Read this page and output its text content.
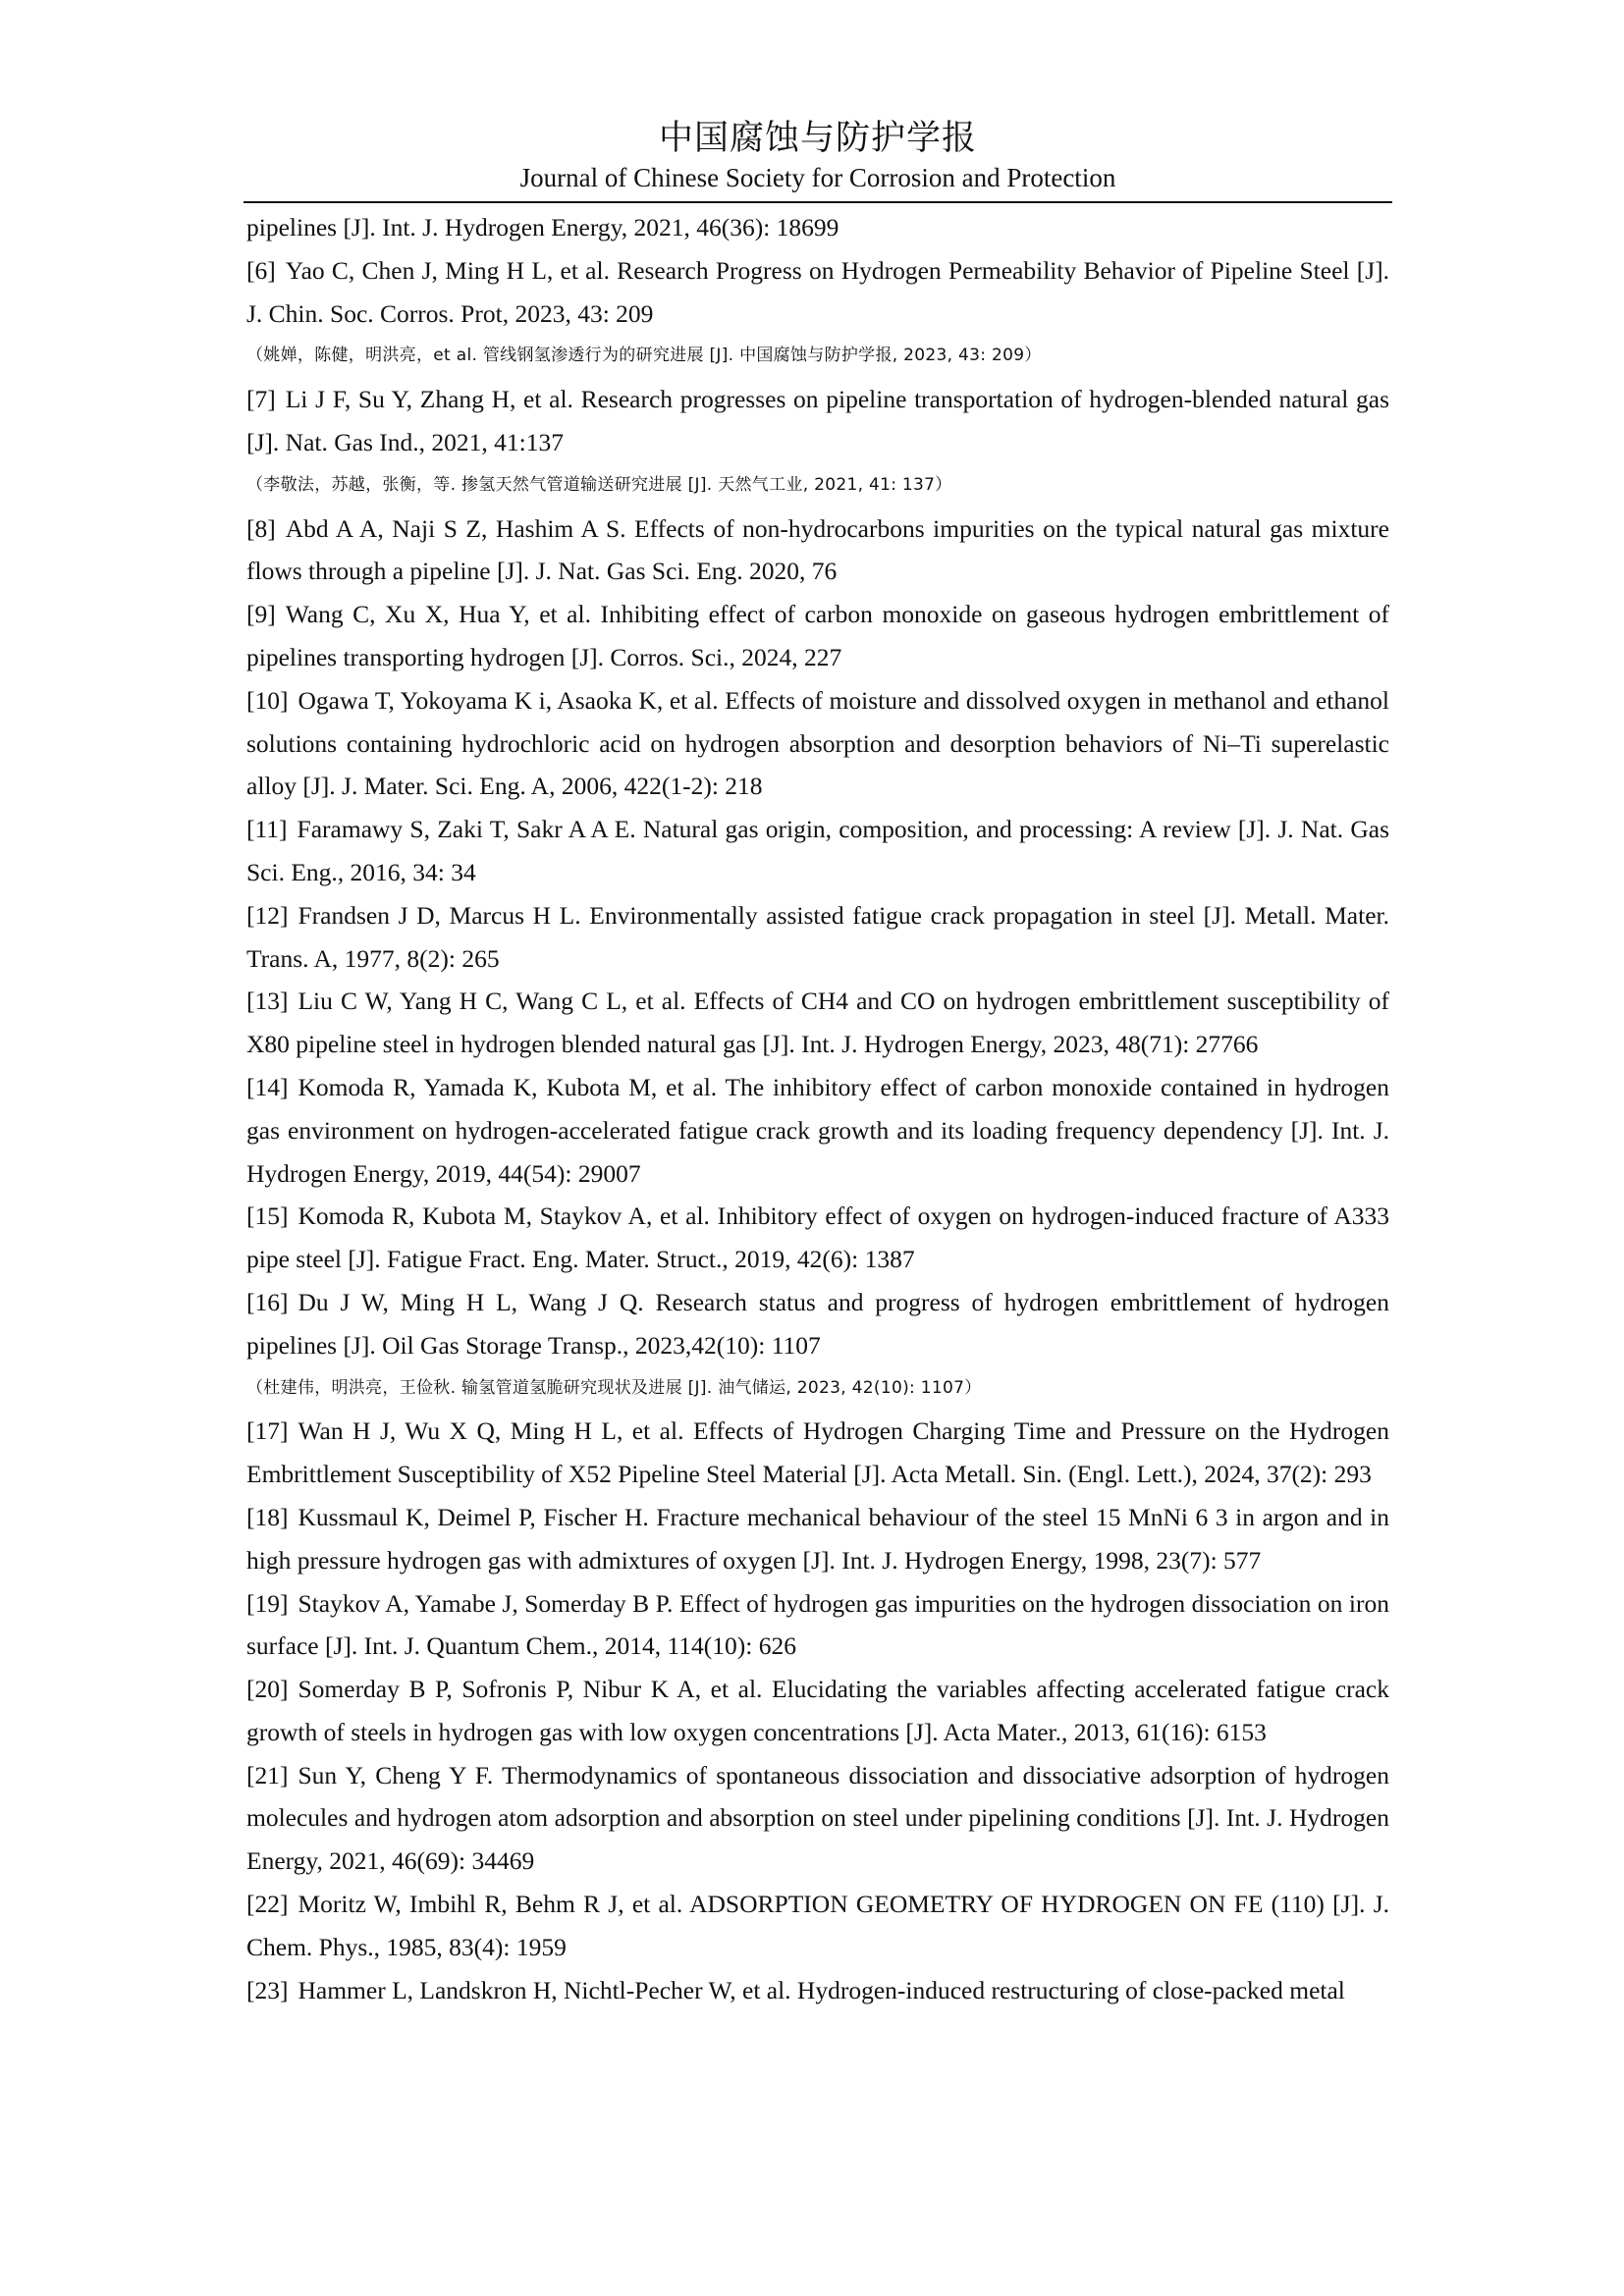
中国腐蚀与防护学报
Journal of Chinese Society for Corrosion and Protection

pipelines [J]. Int. J. Hydrogen Energy, 2021, 46(36): 18699

[6] Yao C, Chen J, Ming H L, et al. Research Progress on Hydrogen Permeability Behavior of Pipeline Steel [J]. J. Chin. Soc. Corros. Prot, 2023, 43: 209

（姚婵，陈健，明洪亮，et al. 管线钢氢渗透行为的研究进展 [J]. 中国腐蚀与防护学报, 2023, 43: 209）

[7] Li J F, Su Y, Zhang H, et al. Research progresses on pipeline transportation of hydrogen-blended natural gas [J]. Nat. Gas Ind., 2021, 41:137

（李敬法，苏越，张衡，等. 掺氢天然气管道输送研究进展 [J]. 天然气工业, 2021, 41: 137）

[8] Abd A A, Naji S Z, Hashim A S. Effects of non-hydrocarbons impurities on the typical natural gas mixture flows through a pipeline [J]. J. Nat. Gas Sci. Eng. 2020, 76

[9] Wang C, Xu X, Hua Y, et al. Inhibiting effect of carbon monoxide on gaseous hydrogen embrittlement of pipelines transporting hydrogen [J]. Corros. Sci., 2024, 227

[10] Ogawa T, Yokoyama K i, Asaoka K, et al. Effects of moisture and dissolved oxygen in methanol and ethanol solutions containing hydrochloric acid on hydrogen absorption and desorption behaviors of Ni–Ti superelastic alloy [J]. J. Mater. Sci. Eng. A, 2006, 422(1-2): 218

[11] Faramawy S, Zaki T, Sakr A A E. Natural gas origin, composition, and processing: A review [J]. J. Nat. Gas Sci. Eng., 2016, 34: 34

[12] Frandsen J D, Marcus H L. Environmentally assisted fatigue crack propagation in steel [J]. Metall. Mater. Trans. A, 1977, 8(2): 265

[13] Liu C W, Yang H C, Wang C L, et al. Effects of CH4 and CO on hydrogen embrittlement susceptibility of X80 pipeline steel in hydrogen blended natural gas [J]. Int. J. Hydrogen Energy, 2023, 48(71): 27766

[14] Komoda R, Yamada K, Kubota M, et al. The inhibitory effect of carbon monoxide contained in hydrogen gas environment on hydrogen-accelerated fatigue crack growth and its loading frequency dependency [J]. Int. J. Hydrogen Energy, 2019, 44(54): 29007

[15] Komoda R, Kubota M, Staykov A, et al. Inhibitory effect of oxygen on hydrogen-induced fracture of A333 pipe steel [J]. Fatigue Fract. Eng. Mater. Struct., 2019, 42(6): 1387

[16] Du J W, Ming H L, Wang J Q. Research status and progress of hydrogen embrittlement of hydrogen pipelines [J]. Oil Gas Storage Transp., 2023,42(10): 1107

（杜建伟，明洪亮，王俭秋. 输氢管道氢脆研究现状及进展 [J]. 油气储运, 2023, 42(10): 1107）

[17] Wan H J, Wu X Q, Ming H L, et al. Effects of Hydrogen Charging Time and Pressure on the Hydrogen Embrittlement Susceptibility of X52 Pipeline Steel Material [J]. Acta Metall. Sin. (Engl. Lett.), 2024, 37(2): 293

[18] Kussmaul K, Deimel P, Fischer H. Fracture mechanical behaviour of the steel 15 MnNi 6 3 in argon and in high pressure hydrogen gas with admixtures of oxygen [J]. Int. J. Hydrogen Energy, 1998, 23(7): 577

[19] Staykov A, Yamabe J, Somerday B P. Effect of hydrogen gas impurities on the hydrogen dissociation on iron surface [J]. Int. J. Quantum Chem., 2014, 114(10): 626

[20] Somerday B P, Sofronis P, Nibur K A, et al. Elucidating the variables affecting accelerated fatigue crack growth of steels in hydrogen gas with low oxygen concentrations [J]. Acta Mater., 2013, 61(16): 6153

[21] Sun Y, Cheng Y F. Thermodynamics of spontaneous dissociation and dissociative adsorption of hydrogen molecules and hydrogen atom adsorption and absorption on steel under pipelining conditions [J]. Int. J. Hydrogen Energy, 2021, 46(69): 34469

[22] Moritz W, Imbihl R, Behm R J, et al. ADSORPTION GEOMETRY OF HYDROGEN ON FE (110) [J]. J. Chem. Phys., 1985, 83(4): 1959

[23] Hammer L, Landskron H, Nichtl-Pecher W, et al. Hydrogen-induced restructuring of close-packed metal
